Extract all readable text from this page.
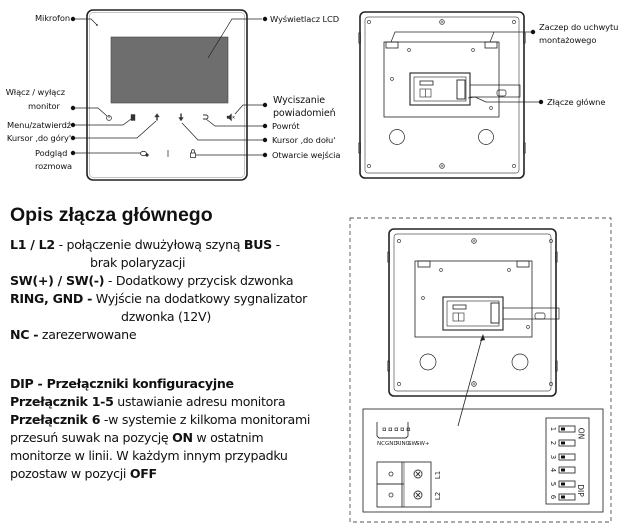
Mikrofon
Włącz / wyłącz
monitor
Menu/zatwierdź
Kursor ‚do góry'
Podgląd
rozmowa
Wyświetlacz LCD
Wyciszanie
powiadomień
Powrót
Kursor ‚do dołu'
Otwarcie wejścia
Zaczep do uchwytu
montażowego
Złącze główne
Opis złącza głównego
L1 / L2 - połączenie dwużyłową szyną BUS -
brak polaryzacji
SW(+) / SW(-) - Dodatkowy przycisk dzwonka
RING, GND - Wyjście na dodatkowy sygnalizator
dzwonka (12V)
NC - zarezerwowane
DIP - Przełączniki konfiguracyjne
Przełącznik 1-5 ustawianie adresu monitora
Przełącznik 6 -w systemie z kilkoma monitorami
przesuń suwak na pozycję ON w ostatnim
monitorze w linii. W każdym innym przypadku
pozostaw w pozycji OFF
NC GND
RING
SW-
SW+
L1
L2
1
2
3
4
5
6
ON
DIP
